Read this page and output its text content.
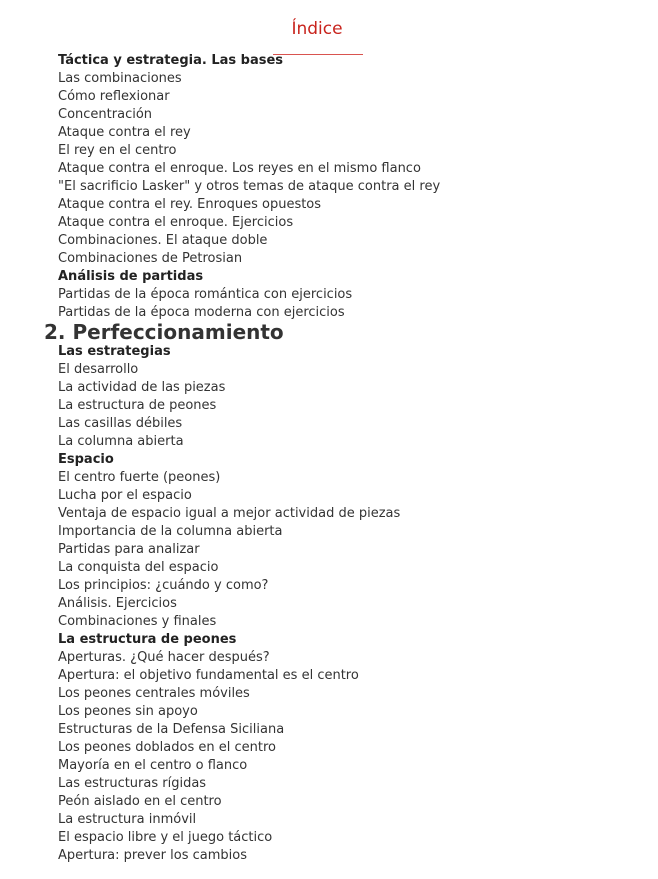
Índice
Táctica y estrategia. Las bases
Las combinaciones
Cómo reflexionar
Concentración
Ataque contra el rey
El rey en el centro
Ataque contra el enroque. Los reyes en el mismo flanco
"El sacrificio Lasker" y otros temas de ataque contra el rey
Ataque contra el rey. Enroques opuestos
Ataque contra el enroque. Ejercicios
Combinaciones. El ataque doble
Combinaciones de Petrosian
Análisis de partidas
Partidas de la época romántica con ejercicios
Partidas de la época moderna con ejercicios
2. Perfeccionamiento
Las estrategias
El desarrollo
La actividad de las piezas
La estructura de peones
Las casillas débiles
La columna abierta
Espacio
El centro fuerte (peones)
Lucha por el espacio
Ventaja de espacio igual a mejor actividad de piezas
Importancia de la columna abierta
Partidas para analizar
La conquista del espacio
Los principios: ¿cuándo y como?
Análisis. Ejercicios
Combinaciones y finales
La estructura de peones
Aperturas. ¿Qué hacer después?
Apertura: el objetivo fundamental es el centro
Los peones centrales móviles
Los peones sin apoyo
Estructuras de la Defensa Siciliana
Los peones doblados en el centro
Mayoría en el centro o flanco
Las estructuras rígidas
Peón aislado en el centro
La estructura inmóvil
El espacio libre y el juego táctico
Apertura: prever los cambios
